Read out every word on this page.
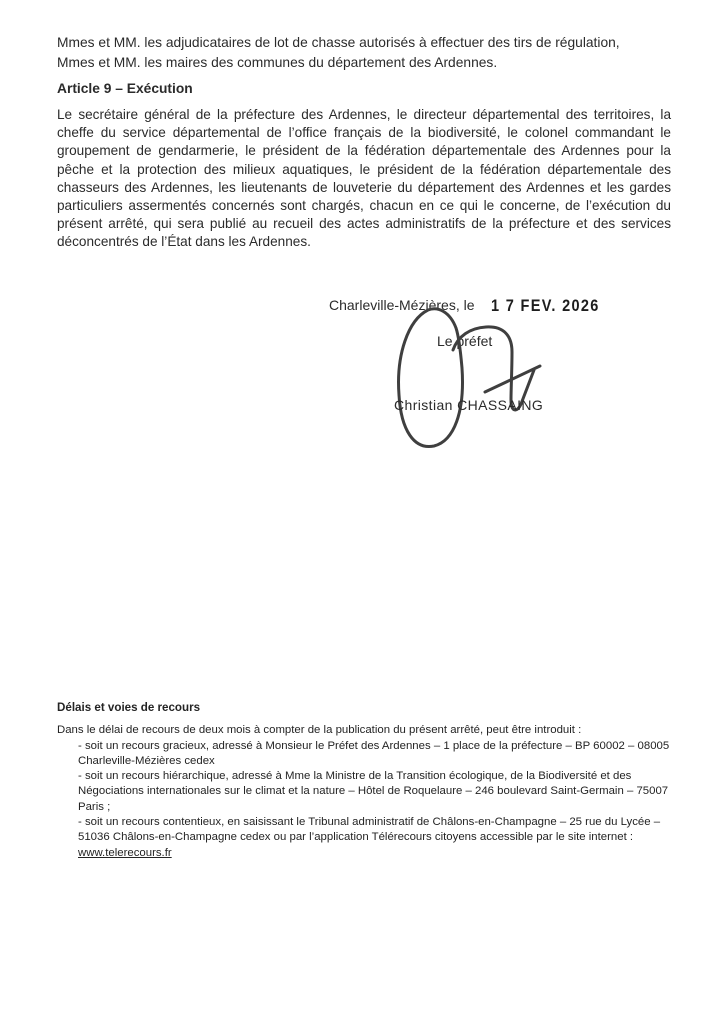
Mmes et MM. les adjudicataires de lot de chasse autorisés à effectuer des tirs de régulation,
Mmes et MM. les maires des communes du département des Ardennes.
Article 9 – Exécution
Le secrétaire général de la préfecture des Ardennes, le directeur départemental des territoires, la cheffe du service départemental de l’office français de la biodiversité, le colonel commandant le groupement de gendarmerie, le président de la fédération départementale des Ardennes pour la pêche et la protection des milieux aquatiques, le président de la fédération départementale des chasseurs des Ardennes, les lieutenants de louveterie du département des Ardennes et les gardes particuliers assermentés concernés sont chargés, chacun en ce qui le concerne, de l’exécution du présent arrêté, qui sera publié au recueil des actes administratifs de la préfecture et des services déconcentrés de l’État dans les Ardennes.
Charleville-Mézières, le 1 7 FEV. 2026
Le préfet
Christian CHASSAING

Délais et voies de recours

Dans le délai de recours de deux mois à compter de la publication du présent arrêté, peut être introduit :

- soit un recours gracieux, adressé à Monsieur le Préfet des Ardennes – 1 place de la préfecture – BP 60002 – 08005 Charleville-Mézières cedex
- soit un recours hiérarchique, adressé à Mme la Ministre de la Transition écologique, de la Biodiversité et des Négociations internationales sur le climat et la nature – Hôtel de Roquelaure – 246 boulevard Saint-Germain – 75007 Paris ;
- soit un recours contentieux, en saisissant le Tribunal administratif de Châlons-en-Champagne – 25 rue du Lycée – 51036 Châlons-en-Champagne cedex ou par l’application Télérecours citoyens accessible par le site internet : www.telerecours.fr
